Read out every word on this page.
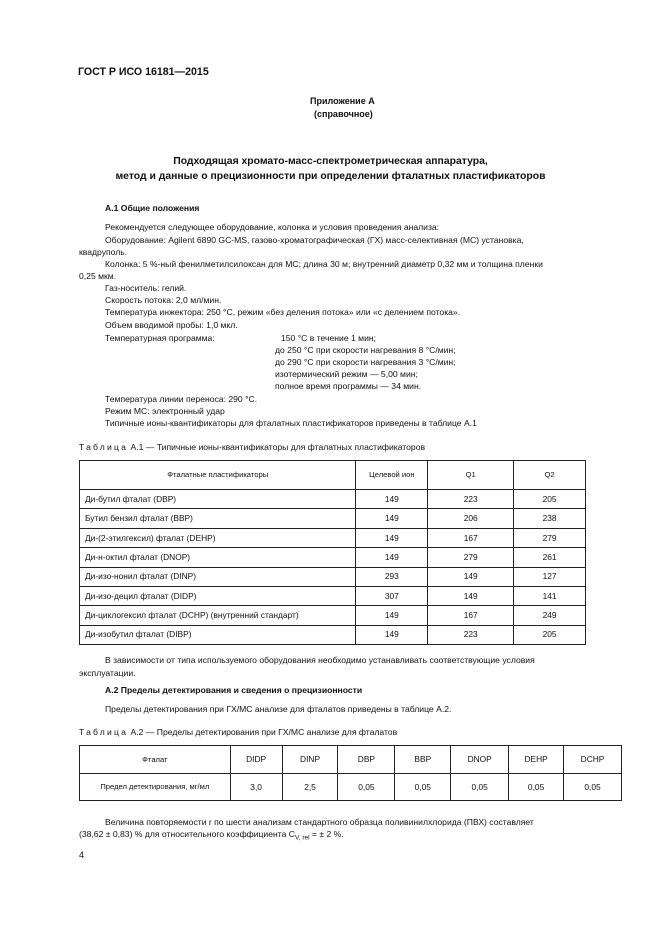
ГОСТ Р ИСО 16181—2015
Приложение А
(справочное)
Подходящая хромато-масс-спектрометрическая аппаратура,
метод и данные о прецизионности при определении фталатных пластификаторов
А.1 Общие положения
Рекомендуется следующее оборудование, колонка и условия проведения анализа:
Оборудование: Agilent 6890 GC-MS, газово-хроматографическая (ГХ) масс-селективная (МС) установка,
квадруполь.
Колонка: 5 %-ный фенилметилсилоксан для МС; длина 30 м; внутренний диаметр 0,32 мм и толщина пленки
0,25 мкм.
Газ-носитель: гелий.
Скорость потока: 2,0 мл/мин.
Температура инжектора: 250 °C, режим «без деления потока» или «с делением потока».
Объем вводимой пробы: 1,0 мкл.
Температурная программа:	150 °C в течение 1 мин;
до 250 °C при скорости нагревания 8 °C/мин;
до 290 °C при скорости нагревания 3 °C/мин;
изотермический режим — 5,00 мин;
полное время программы — 34 мин.
Температура линии переноса: 290 °C.
Режим МС: электронный удар
Типичные ионы-квантификаторы для фталатных пластификаторов приведены в таблице А.1
Таблица А.1 — Типичные ионы-квантификаторы для фталатных пластификаторов
Фталатные пластификаторы	Целевой ион	Q1	Q2
Ди-бутил фталат (DBP)	149	223	205
Бутил бензил фталат (BBP)	149	206	238
Ди-(2-этилгексил) фталат (DEHP)	149	167	279
Ди-н-октил фталат (DNOP)	149	279	261
Ди-изо-нонил фталат (DINP)	293	149	127
Ди-изо-децил фталат (DIDP)	307	149	141
Ди-циклогексил фталат (DCHP) (внутренний стандарт)	149	167	249
Ди-изобутил фталат (DIBP)	149	223	205
В зависимости от типа используемого оборудования необходимо устанавливать соответствующие условия
эксплуатации.
А.2 Пределы детектирования и сведения о прецизионности
Пределы детектирования при ГХ/МС анализе для фталатов приведены в таблице А.2.
Таблица А.2 — Пределы детектирования при ГХ/МС анализе для фталатов
Фталат	DIDP	DINP	DBP	BBP	DNOP	DEHP	DCHP
Предел детектирования, мг/мл	3,0	2,5	0,05	0,05	0,05	0,05	0,05
Величина повторяемости r по шести анализам стандартного образца поливинилхлорида (ПВХ) составляет
(38,62 ± 0,83) % для относительного коэффициента $C_{V, rel}$ = ± 2 %.
4
